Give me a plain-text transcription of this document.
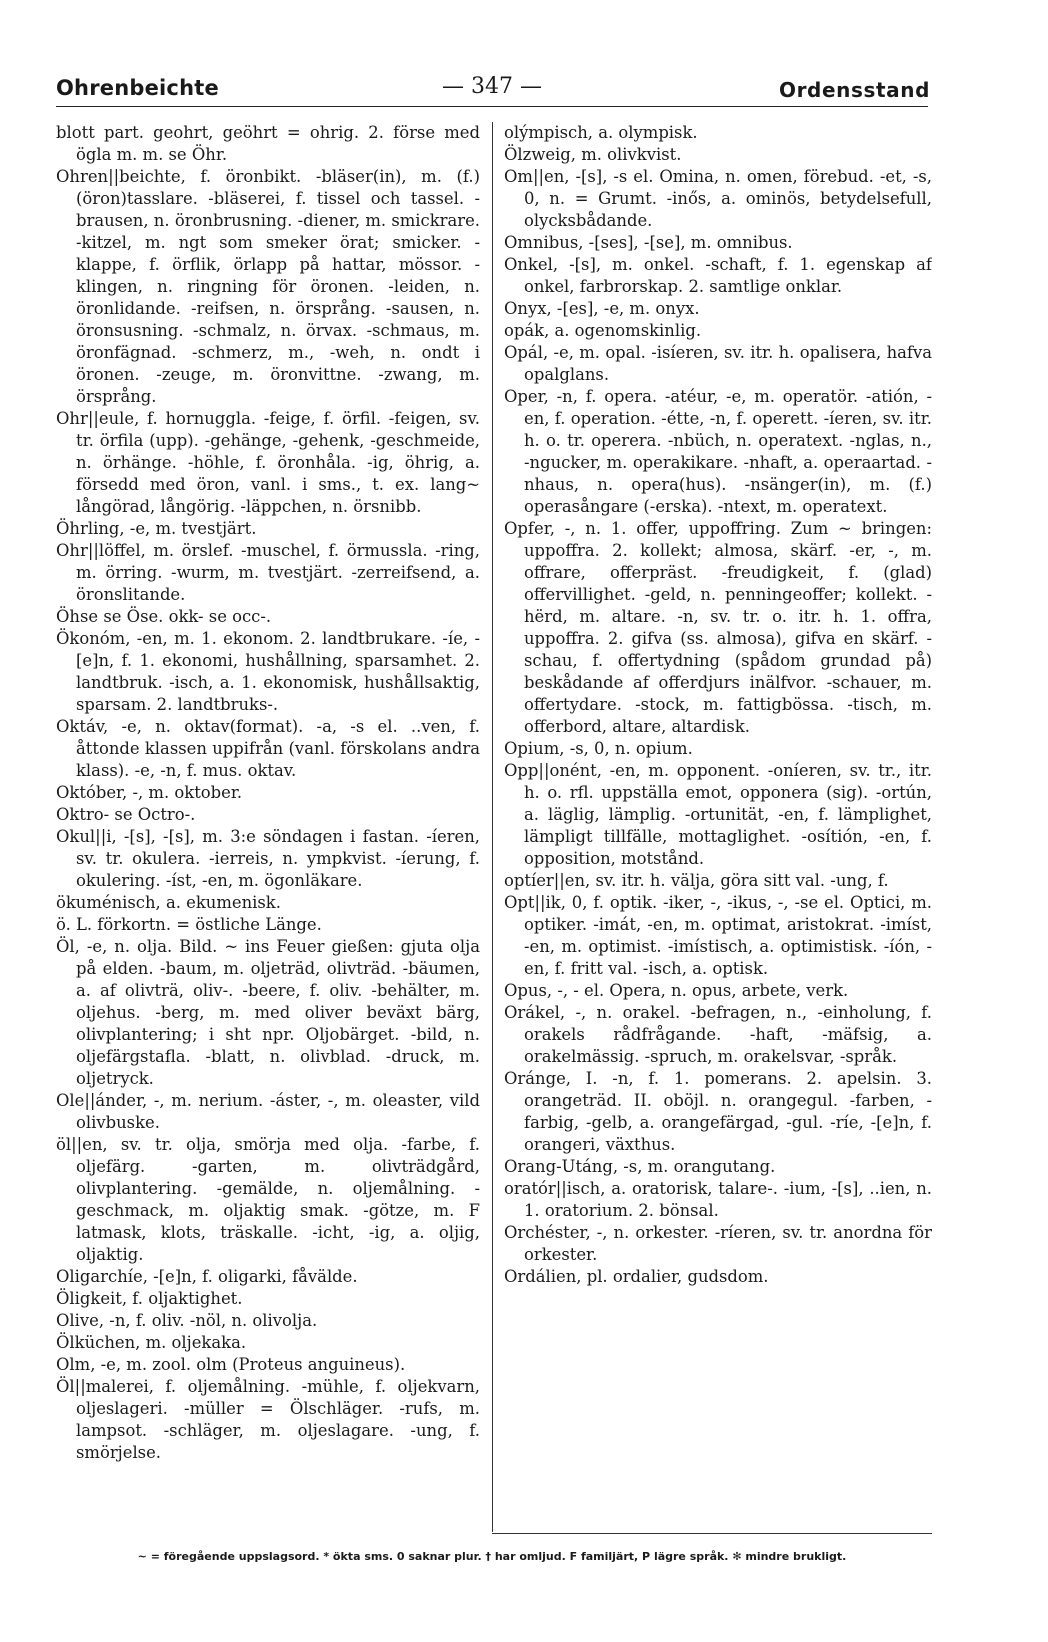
Ohrenbeichte	— 347 —	Ordensstand

blott part. geohrt, geöhrt = ohrig. 2. förse med ögla m. m. se Öhr.

Ohren||beichte, f. öronbikt. -bläser(in), m. (f.) (öron)tasslare. -bläserei, f. tissel och tassel. -brausen, n. öronbrusning. -diener, m. smickrare. -kitzel, m. ngt som smeker örat; smicker. -klappe, f. örflik, örlapp på hattar, mössor. -klingen, n. ringning för öronen. -leiden, n. öronlidande. -reifsen, n. örsprång. -sausen, n. öronsusning. -schmalz, n. örvax. -schmaus, m. öronfägnad. -schmerz, m., -weh, n. ondt i öronen. -zeuge, m. öronvittne. -zwang, m. örsprång.

Ohr||eule, f. hornuggla. -feige, f. örfil. -feigen, sv. tr. örfila (upp). -gehänge, -gehenk, -geschmeide, n. örhänge. -höhle, f. öronhåla. -ig, öhrig, a. försedd med öron, vanl. i sms., t. ex. lang~ långörad, långörig. -läppchen, n. örsnibb.

Öhrling, -e, m. tvestjärt.

Ohr||löffel, m. örslef. -muschel, f. örmussla. -ring, m. örring. -wurm, m. tvestjärt. -zerreifsend, a. öronslitande.

Öhse se Öse. okk- se occ-.

Ökonóm, -en, m. 1. ekonom. 2. landtbrukare. -íe, -[e]n, f. 1. ekonomi, hushållning, sparsamhet. 2. landtbruk. -isch, a. 1. ekonomisk, hushållsaktig, sparsam. 2. landtbruks-.

Oktáv, -e, n. oktav(format). -a, -s el. ..ven, f. åttonde klassen uppifrån (vanl. förskolans andra klass). -e, -n, f. mus. oktav.

Október, -, m. oktober.

Oktro- se Octro-.

Okul||i, -[s], -[s], m. 3:e söndagen i fastan. -íeren, sv. tr. okulera. -ierreis, n. ympkvist. -íerung, f. okulering. -íst, -en, m. ögonläkare.

ökuménisch, a. ekumenisk.

ö. L. förkortn. = östliche Länge.

Öl, -e, n. olja. Bild. ~ ins Feuer gießen: gjuta olja på elden. -baum, m. oljeträd, olivträd. -bäumen, a. af olivträ, oliv-. -beere, f. oliv. -behälter, m. oljehus. -berg, m. med oliver beväxt bärg, olivplantering; i sht npr. Oljobärget. -bild, n. oljefärgstafla. -blatt, n. olivblad. -druck, m. oljetryck.

Ole||ánder, -, m. nerium. -áster, -, m. oleaster, vild olivbuske.

öl||en, sv. tr. olja, smörja med olja. -farbe, f. oljefärg. -garten, m. olivträdgård, olivplantering. -gemälde, n. oljemålning. -geschmack, m. oljaktig smak. -götze, m. F latmask, klots, träskalle. -icht, -ig, a. oljig, oljaktig.

Oligarchíe, -[e]n, f. oligarki, fåvälde.

Öligkeit, f. oljaktighet.

Olive, -n, f. oliv. -nöl, n. olivolja.

Ölküchen, m. oljekaka.

Olm, -e, m. zool. olm (Proteus anguineus).

Öl||malerei, f. oljemålning. -mühle, f. oljekvarn, oljeslageri. -müller = Ölschläger. -rufs, m. lampsot. -schläger, m. oljeslagare. -ung, f. smörjelse.

olýmpisch, a. olympisk.

Ölzweig, m. olivkvist.

Om||en, -[s], -s el. Omina, n. omen, förebud. -et, -s, 0, n. = Grumt. -inős, a. ominös, betydelsefull, olycksbådande.

Omnibus, -[ses], -[se], m. omnibus.

Onkel, -[s], m. onkel. -schaft, f. 1. egenskap af onkel, farbrorskap. 2. samtlige onklar.

Onyx, -[es], -e, m. onyx.

opák, a. ogenomskinlig.

Opál, -e, m. opal. -isíeren, sv. itr. h. opalisera, hafva opalglans.

Oper, -n, f. opera. -atéur, -e, m. operatör. -atión, -en, f. operation. -étte, -n, f. operett. -íeren, sv. itr. h. o. tr. operera. -nbüch, n. operatext. -nglas, n., -ngucker, m. operakikare. -nhaft, a. operaartad. -nhaus, n. opera(hus). -nsänger(in), m. (f.) operasångare (-erska). -ntext, m. operatext.

Opfer, -, n. 1. offer, uppoffring. Zum ~ bringen: uppoffra. 2. kollekt; almosa, skärf. -er, -, m. offrare, offerpräst. -freudigkeit, f. (glad) offervillighet. -geld, n. penningeoffer; kollekt. -hërd, m. altare. -n, sv. tr. o. itr. h. 1. offra, uppoffra. 2. gifva (ss. almosa), gifva en skärf. -schau, f. offertydning (spådom grundad på) beskådande af offerdjurs inälfvor. -schauer, m. offertydare. -stock, m. fattigbössa. -tisch, m. offerbord, altare, altardisk.

Opium, -s, 0, n. opium.

Opp||onént, -en, m. opponent. -oníeren, sv. tr., itr. h. o. rfl. uppställa emot, opponera (sig). -ortún, a. läglig, lämplig. -ortunität, -en, f. lämplighet, lämpligt tillfälle, mottaglighet. -osítión, -en, f. opposition, motstånd.

optíer||en, sv. itr. h. välja, göra sitt val. -ung, f.

Opt||ik, 0, f. optik. -iker, -, -ikus, -, -se el. Optici, m. optiker. -imát, -en, m. optimat, aristokrat. -imíst, -en, m. optimist. -imístisch, a. optimistisk. -íón, -en, f. fritt val. -isch, a. optisk.

Opus, -, - el. Opera, n. opus, arbete, verk.

Orákel, -, n. orakel. -befragen, n., -einholung, f. orakels rådfrågande. -haft, -mäfsig, a. orakelmässig. -spruch, m. orakelsvar, -språk.

Oránge, I. -n, f. 1. pomerans. 2. apelsin. 3. orangeträd. II. oböjl. n. orangegul. -farben, -farbig, -gelb, a. orangefärgad, -gul. -ríe, -[e]n, f. orangeri, växthus.

Orang-Utáng, -s, m. orangutang.

oratór||isch, a. oratorisk, talare-. -ium, -[s], ..ien, n. 1. oratorium. 2. bönsal.

Orchéster, -, n. orkester. -ríeren, sv. tr. anordna för orkester.

Ordálien, pl. ordalier, gudsdom.

~ = föregående uppslagsord. * ökta sms. 0 saknar plur. † har omljud. F familjärt, P lägre språk. ✻ mindre brukligt.
